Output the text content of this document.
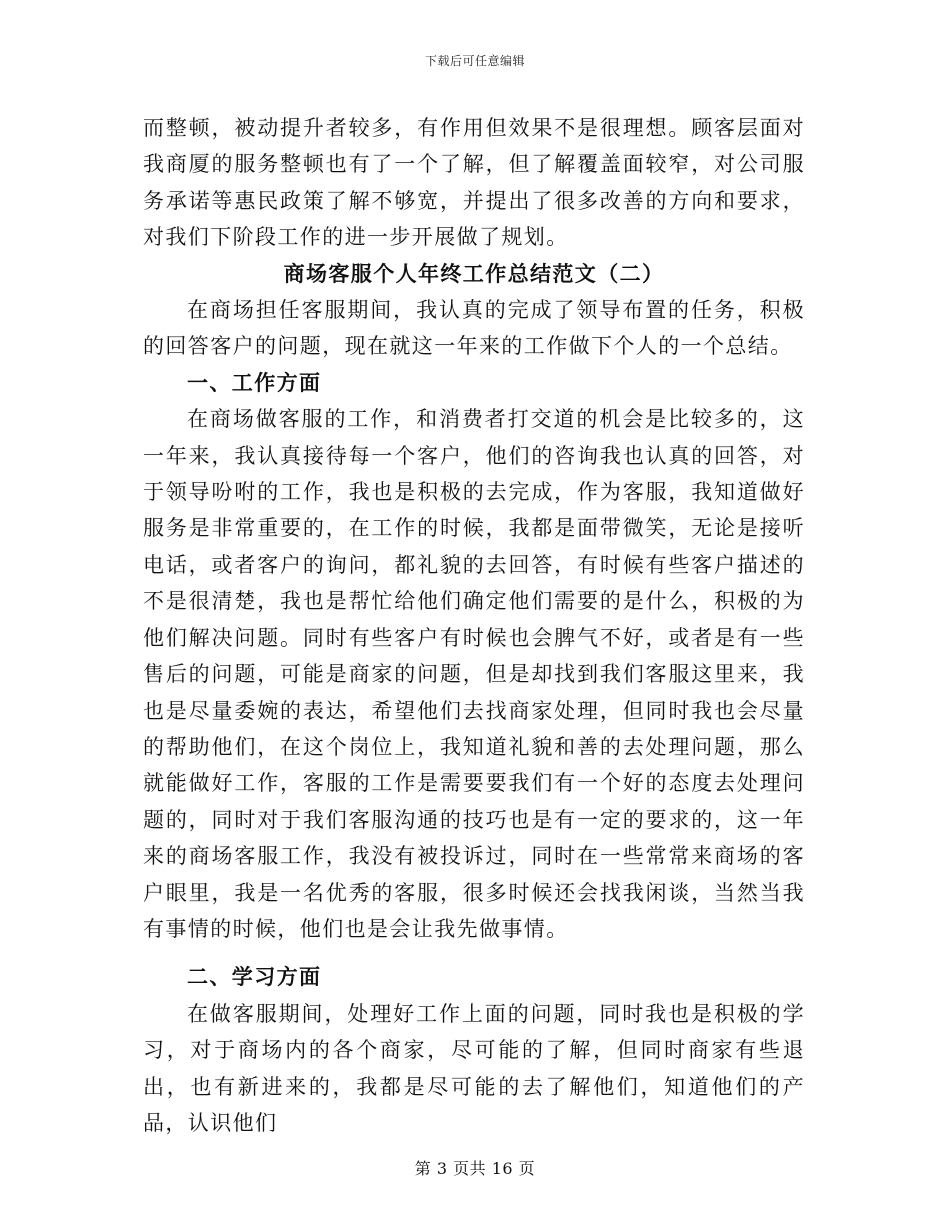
下载后可任意编辑

而整顿，被动提升者较多，有作用但效果不是很理想。顾客层面对我商厦的服务整顿也有了一个了解，但了解覆盖面较窄，对公司服务承诺等惠民政策了解不够宽，并提出了很多改善的方向和要求，对我们下阶段工作的进一步开展做了规划。

商场客服个人年终工作总结范文（二）

在商场担任客服期间，我认真的完成了领导布置的任务，积极的回答客户的问题，现在就这一年来的工作做下个人的一个总结。

一、工作方面

在商场做客服的工作，和消费者打交道的机会是比较多的，这一年来，我认真接待每一个客户，他们的咨询我也认真的回答，对于领导吩咐的工作，我也是积极的去完成，作为客服，我知道做好服务是非常重要的，在工作的时候，我都是面带微笑，无论是接听电话，或者客户的询问，都礼貌的去回答，有时候有些客户描述的不是很清楚，我也是帮忙给他们确定他们需要的是什么，积极的为他们解决问题。同时有些客户有时候也会脾气不好，或者是有一些售后的问题，可能是商家的问题，但是却找到我们客服这里来，我也是尽量委婉的表达，希望他们去找商家处理，但同时我也会尽量的帮助他们，在这个岗位上，我知道礼貌和善的去处理问题，那么就能做好工作，客服的工作是需要要我们有一个好的态度去处理问题的，同时对于我们客服沟通的技巧也是有一定的要求的，这一年来的商场客服工作，我没有被投诉过，同时在一些常常来商场的客户眼里，我是一名优秀的客服，很多时候还会找我闲谈，当然当我有事情的时候，他们也是会让我先做事情。

二、学习方面

在做客服期间，处理好工作上面的问题，同时我也是积极的学习，对于商场内的各个商家，尽可能的了解，但同时商家有些退出，也有新进来的，我都是尽可能的去了解他们，知道他们的产品，认识他们

第 3 页共 16 页
